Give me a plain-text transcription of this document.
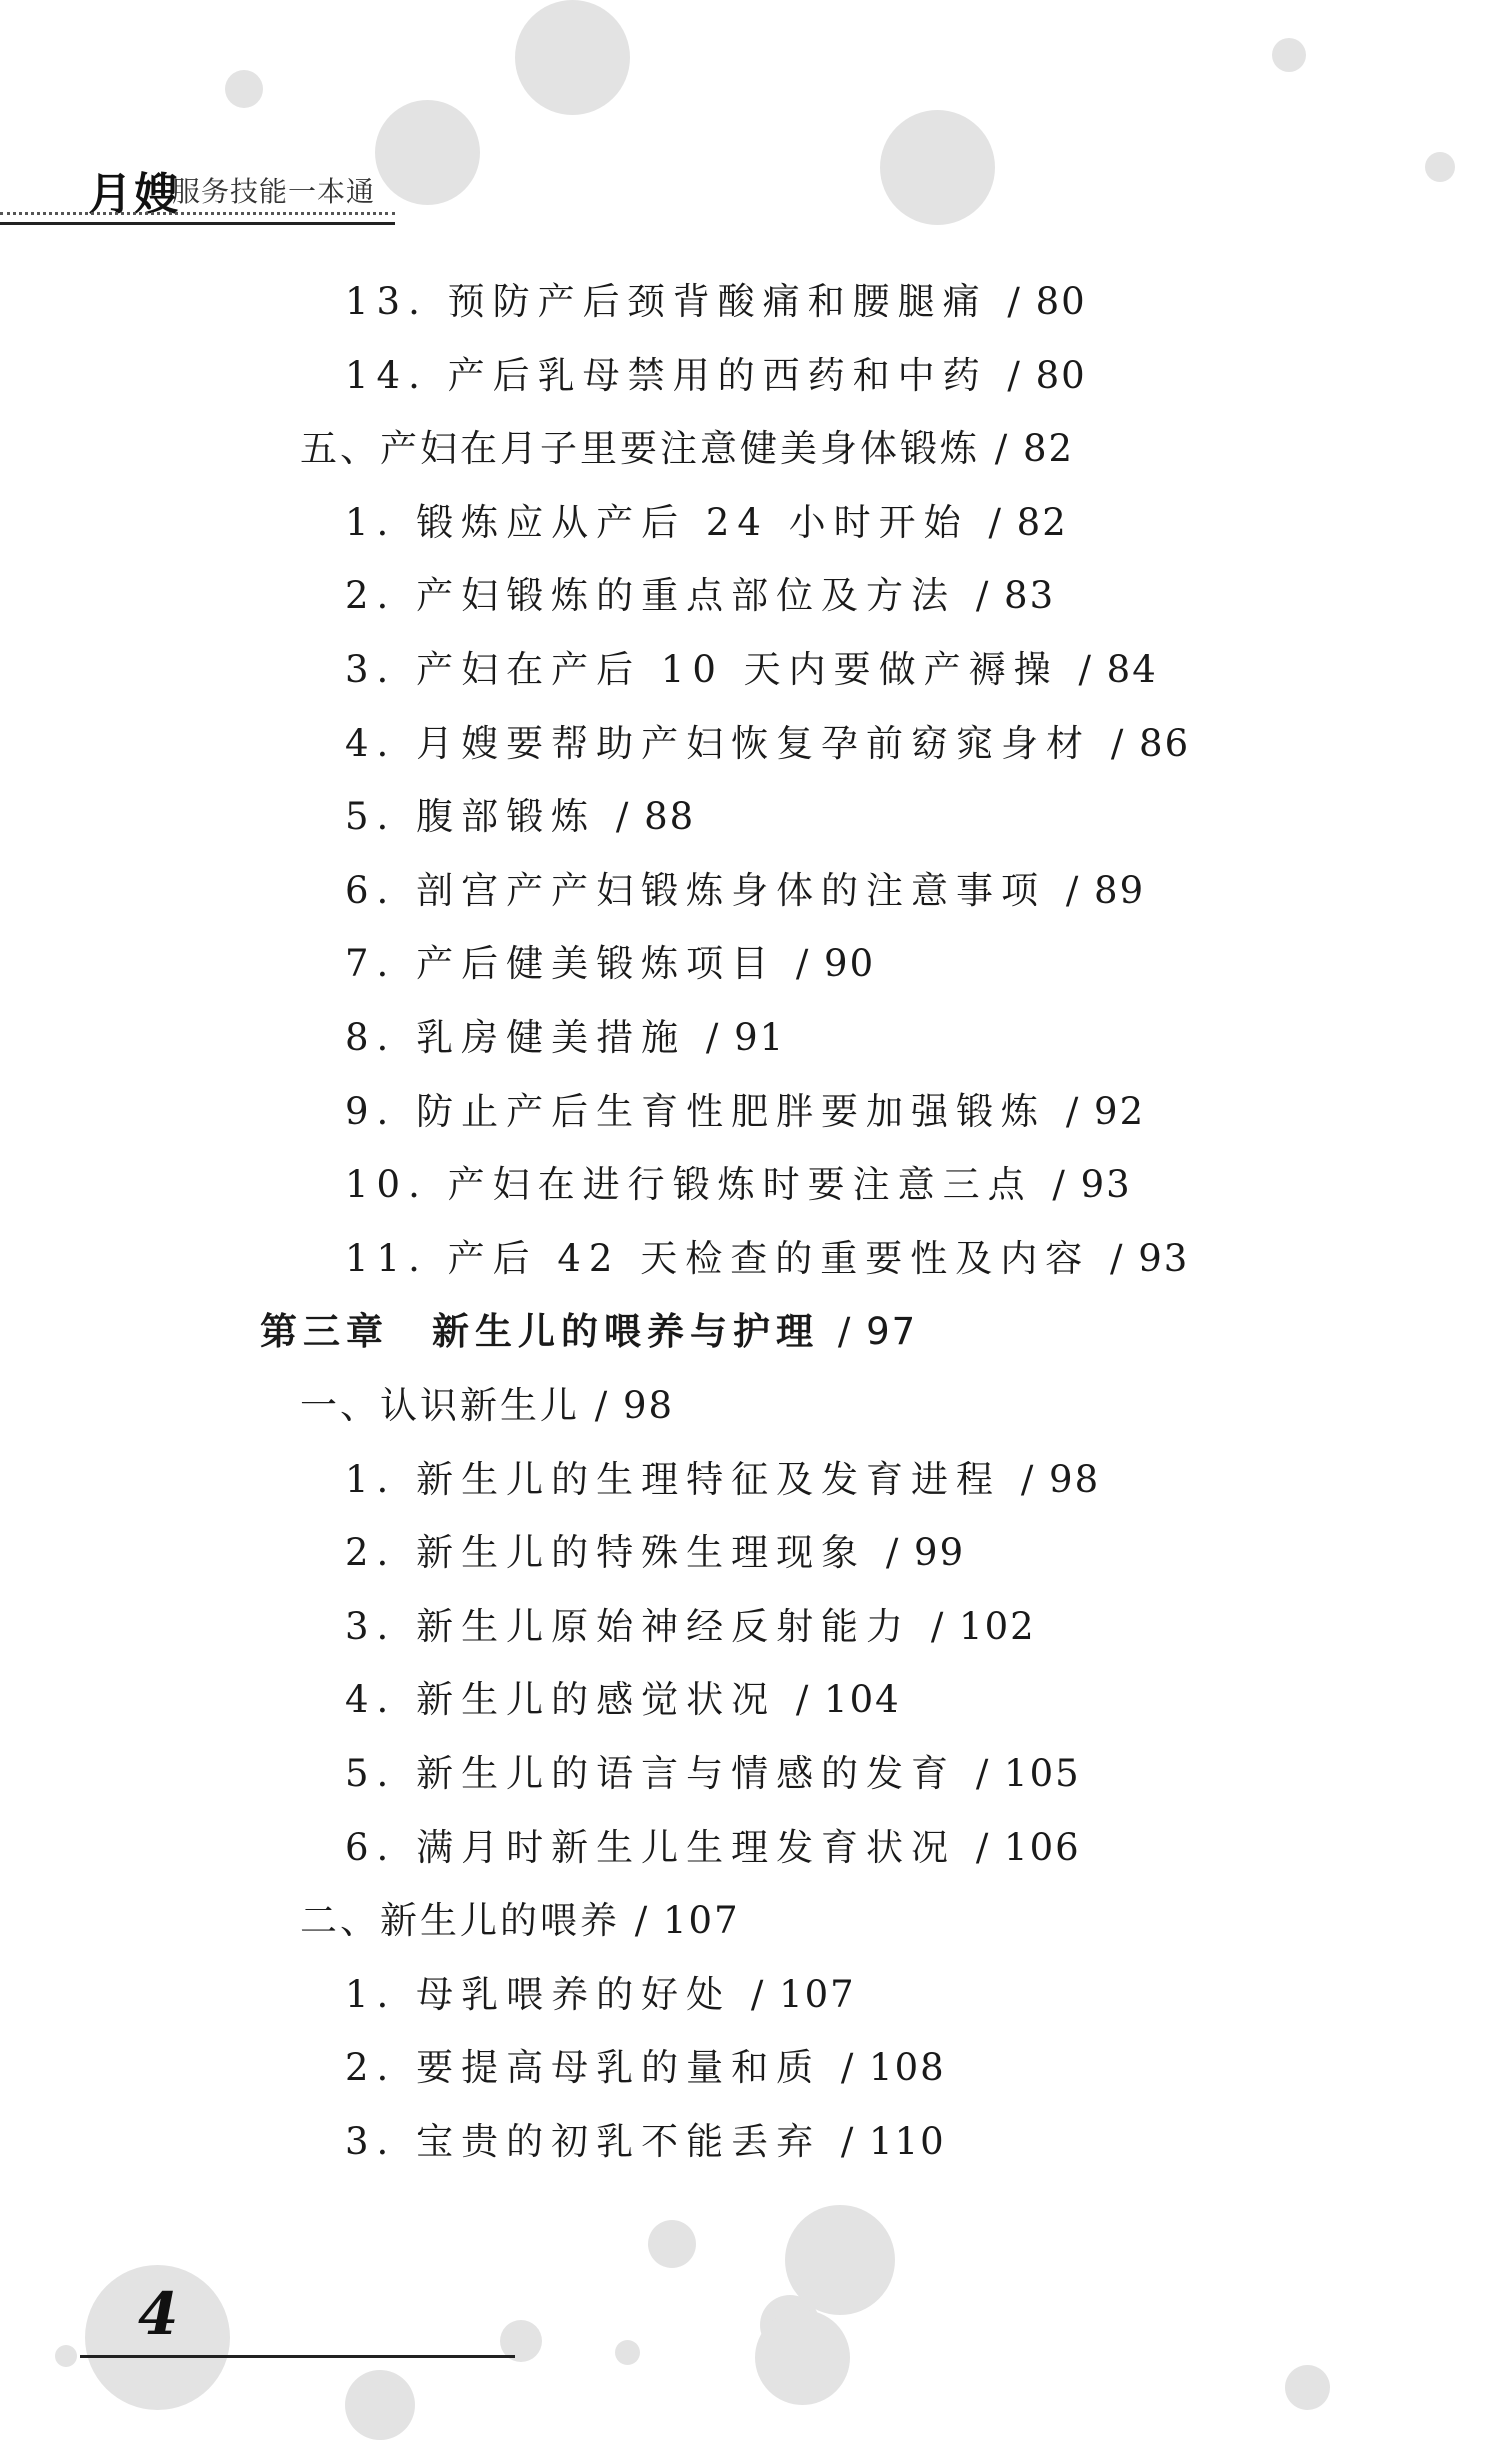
月嫂
服务技能一本通
13. 预防产后颈背酸痛和腰腿痛 / 80
14. 产后乳母禁用的西药和中药 / 80
五、产妇在月子里要注意健美身体锻炼 / 82
1. 锻炼应从产后 24 小时开始 / 82
2. 产妇锻炼的重点部位及方法 / 83
3. 产妇在产后 10 天内要做产褥操 / 84
4. 月嫂要帮助产妇恢复孕前窈窕身材 / 86
5. 腹部锻炼 / 88
6. 剖宫产产妇锻炼身体的注意事项 / 89
7. 产后健美锻炼项目 / 90
8. 乳房健美措施 / 91
9. 防止产后生育性肥胖要加强锻炼 / 92
10. 产妇在进行锻炼时要注意三点 / 93
11. 产后 42 天检查的重要性及内容 / 93
第三章　新生儿的喂养与护理 / 97
一、认识新生儿 / 98
1. 新生儿的生理特征及发育进程 / 98
2. 新生儿的特殊生理现象 / 99
3. 新生儿原始神经反射能力 / 102
4. 新生儿的感觉状况 / 104
5. 新生儿的语言与情感的发育 / 105
6. 满月时新生儿生理发育状况 / 106
二、新生儿的喂养 / 107
1. 母乳喂养的好处 / 107
2. 要提高母乳的量和质 / 108
3. 宝贵的初乳不能丢弃 / 110
4
